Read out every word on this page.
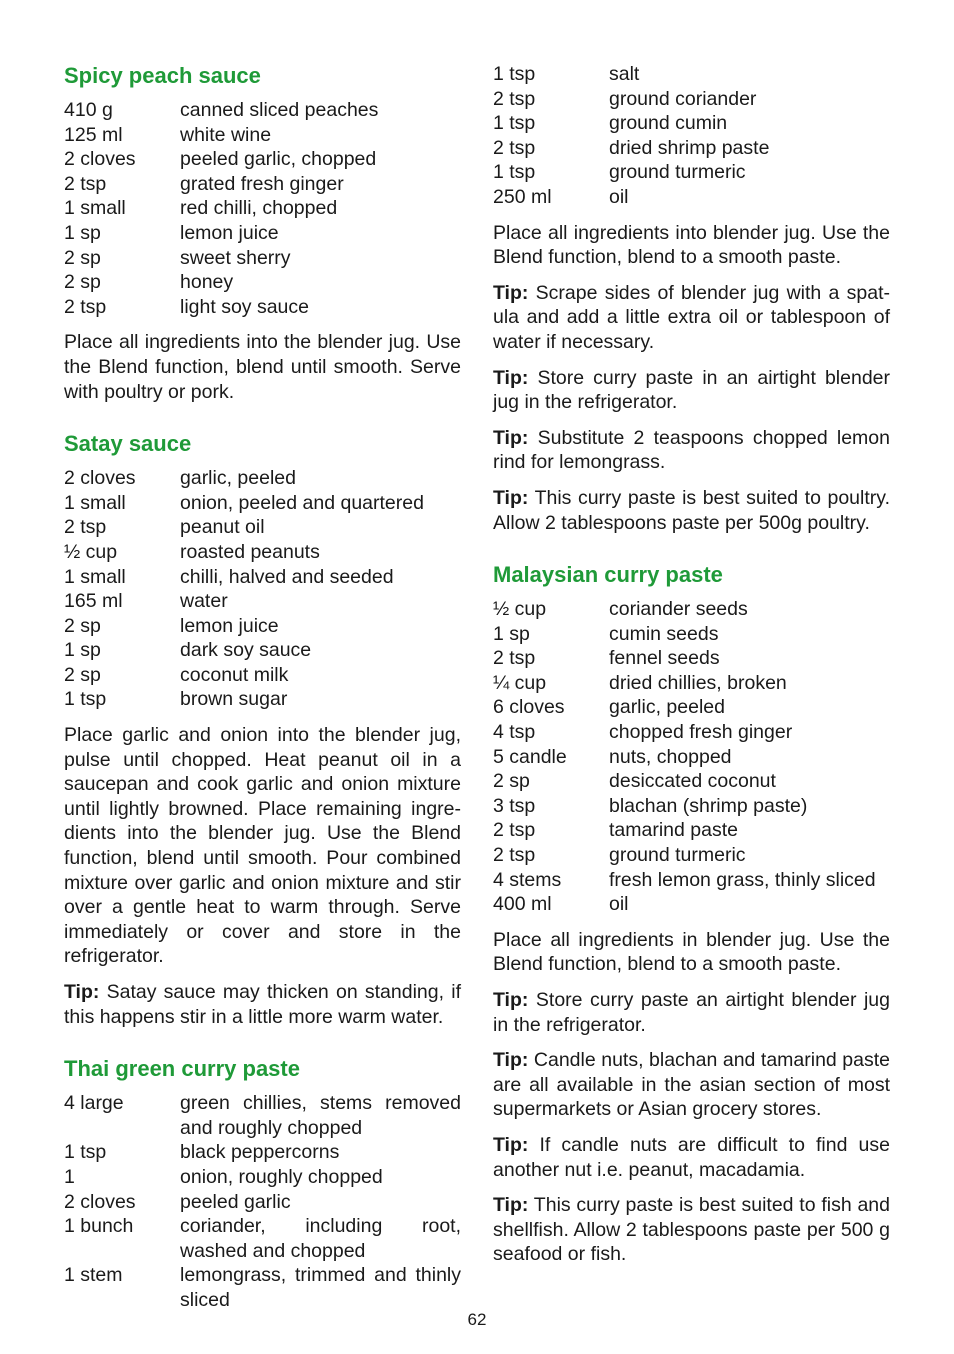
Spicy peach sauce
410 g	canned sliced peaches
125 ml	white wine
2 cloves	peeled garlic, chopped
2 tsp	grated fresh ginger
1 small	red chilli, chopped
1 sp	lemon juice
2 sp	sweet sherry
2 sp	honey
2 tsp	light soy sauce

Place all ingredients into the blender jug. Use the Blend function, blend until smooth. Serve with poultry or pork.

Satay sauce
2 cloves	garlic, peeled
1 small	onion, peeled and quartered
2 tsp	peanut oil
½ cup	roasted peanuts
1 small	chilli, halved and seeded
165 ml	water
2 sp	lemon juice
1 sp	dark soy sauce
2 sp	coconut milk
1 tsp	brown sugar

Place garlic and onion into the blender jug, pulse until chopped. Heat peanut oil in a saucepan and cook garlic and onion mixture until lightly browned. Place remaining ingre-dients into the blender jug. Use the Blend function, blend until smooth. Pour combined mixture over garlic and onion mixture and stir over a gentle heat to warm through. Serve immediately or cover and store in the refrigerator.

Tip: Satay sauce may thicken on standing, if this happens stir in a little more warm water.

Thai green curry paste
4 large	green chillies, stems removed and roughly chopped
1 tsp	black peppercorns
1	onion, roughly chopped
2 cloves	peeled garlic
1 bunch	coriander, including root, washed and chopped
1 stem	lemongrass, trimmed and thinly sliced
1 tsp	salt
2 tsp	ground coriander
1 tsp	ground cumin
2 tsp	dried shrimp paste
1 tsp	ground turmeric
250 ml	oil

Place all ingredients into blender jug. Use the Blend function, blend to a smooth paste.

Tip: Scrape sides of blender jug with a spat-ula and add a little extra oil or tablespoon of water if necessary.

Tip: Store curry paste in an airtight blender jug in the refrigerator.

Tip: Substitute 2 teaspoons chopped lemon rind for lemongrass.

Tip: This curry paste is best suited to poultry. Allow 2 tablespoons paste per 500g poultry.

Malaysian curry paste
½ cup	coriander seeds
1 sp	cumin seeds
2 tsp	fennel seeds
¼ cup	dried chillies, broken
6 cloves	garlic, peeled
4 tsp	chopped fresh ginger
5 candle	nuts, chopped
2 sp	desiccated coconut
3 tsp	blachan (shrimp paste)
2 tsp	tamarind paste
2 tsp	ground turmeric
4 stems	fresh lemon grass, thinly sliced
400 ml	oil

Place all ingredients in blender jug. Use the Blend function, blend to a smooth paste.

Tip: Store curry paste an airtight blender jug in the refrigerator.

Tip: Candle nuts, blachan and tamarind paste are all available in the asian section of most supermarkets or Asian grocery stores.

Tip: If candle nuts are difficult to find use another nut i.e. peanut, macadamia.

Tip: This curry paste is best suited to fish and shellfish. Allow 2 tablespoons paste per 500 g seafood or fish.

62
